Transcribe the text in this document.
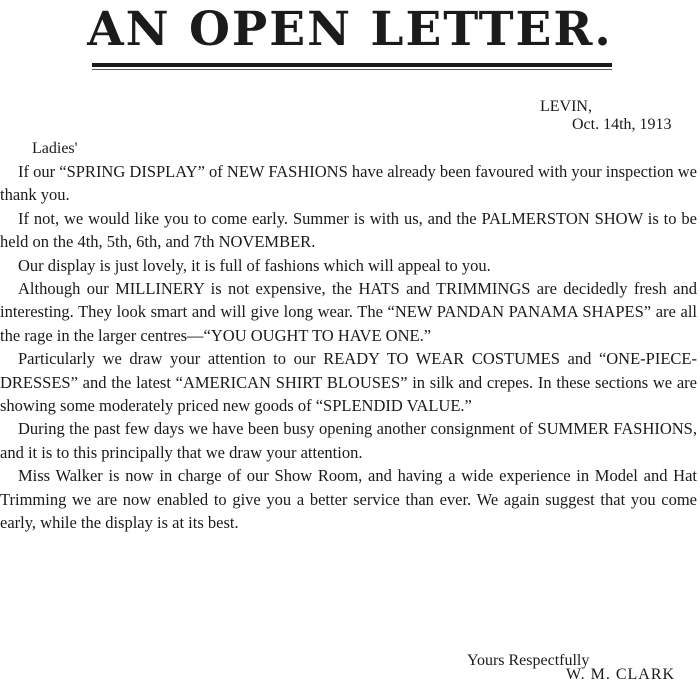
AN OPEN LETTER.
LEVIN,
Oct. 14th, 1913
Ladies'

If our “SPRING DISPLAY” of NEW FASHIONS have already been favoured with your inspection we thank you.

If not, we would like you to come early. Summer is with us, and the PALMERSTON SHOW is to be held on the 4th, 5th, 6th, and 7th NOVEMBER.

Our display is just lovely, it is full of fashions which will appeal to you.

Although our MILLINERY is not expensive, the HATS and TRIMMINGS are decidedly fresh and interesting. They look smart and will give long wear. The “NEW PANDAN PANAMA SHAPES” are all the rage in the larger centres—“YOU OUGHT TO HAVE ONE.”

Particularly we draw your attention to our READY TO WEAR COSTUMES and “ONE-PIECE-DRESSES” and the latest “AMERICAN SHIRT BLOUSES” in silk and crepes. In these sections we are showing some moderately priced new goods of “SPLENDID VALUE.”

During the past few days we have been busy opening another consignment of SUMMER FASHIONS, and it is to this principally that we draw your attention.

Miss Walker is now in charge of our Show Room, and having a wide experience in Model and Hat Trimming we are now enabled to give you a better service than ever. We again suggest that you come early, while the display is at its best.

Yours Respectfully
W. M. CLARK
